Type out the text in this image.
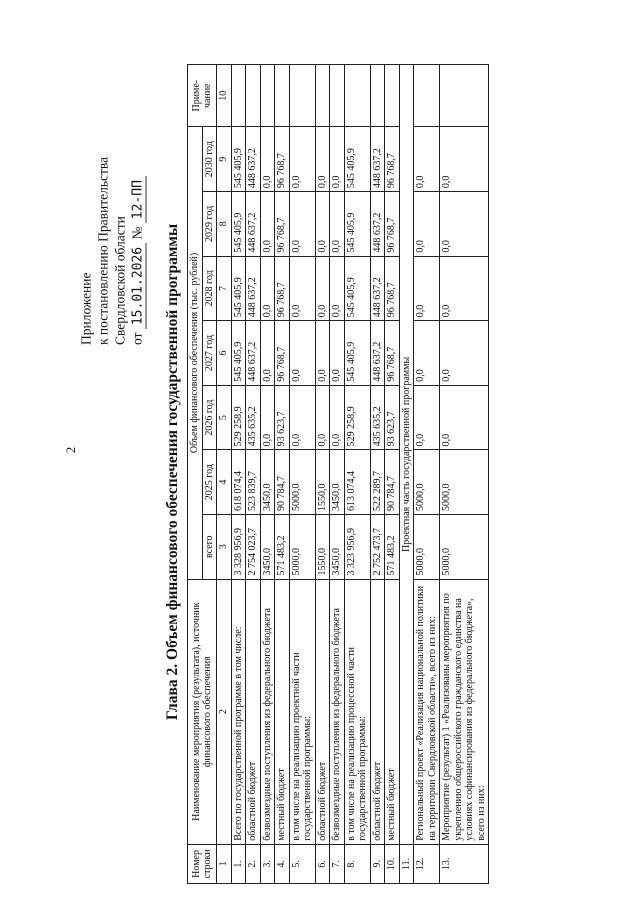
2
Приложение к постановлению Правительства Свердловской области от 15.01.2026 № 12-ПП
Глава 2. Объем финансового обеспечения государственной программы
Номер строки	Наименование мероприятия (результата), источник финансового обеспечения	Объем финансового обеспечения (тыс. рублей)							Приме-чание
		всего	2025 год	2026 год	2027 год	2028 год	2029 год	2030 год	
1	2	3	4	5	6	7	8	9	10
1.	Всего по государственной программе в том числе:	3 328 956,9	618 074,4	529 258,9	545 405,9	545 405,9	545 405,9	545 405,9	
2.	областной бюджет	2 754 023,7	523 839,7	435 635,2	448 637,2	448 637,2	448 637,2	448 637,2	
3.	безвозмездные поступления из федерального бюджета	3450,0	3450,0	0,0	0,0	0,0	0,0	0,0	
4.	местный бюджет	571 483,2	90 784,7	93 623,7	96 768,7	96 768,7	96 768,7	96 768,7	
5.	в том числе на реализацию проектной части государственной программы:	5000,0	5000,0	0,0	0,0	0,0	0,0	0,0	
6.	областной бюджет	1550,0	1550,0	0,0	0,0	0,0	0,0	0,0	
7.	безвозмездные поступления из федерального бюджета	3450,0	3450,0	0,0	0,0	0,0	0,0	0,0	
8.	в том числе на реализацию процессной части государственной программы:	3 323 956,9	613 074,4	529 258,9	545 405,9	545 405,9	545 405,9	545 405,9	
9.	областной бюджет	2 752 473,7	522 289,7	435 635,2	448 637,2	448 637,2	448 637,2	448 637,2	
10.	местный бюджет	571 483,2	90 784,7	93 623,7	96 768,7	96 768,7	96 768,7	96 768,7	
11.	Проектная часть государственной программы								
12.	Региональный проект «Реализация национальной политики на территории Свердловской области», всего из них:	5000,0	5000,0	0,0	0,0	0,0	0,0	0,0	
13.	Мероприятие (результат) 1 «Реализованы мероприятия по укреплению общероссийского гражданского единства на условиях софинансирования из федерального бюджета», всего из них:	5000,0	5000,0	0,0	0,0	0,0	0,0	0,0	
